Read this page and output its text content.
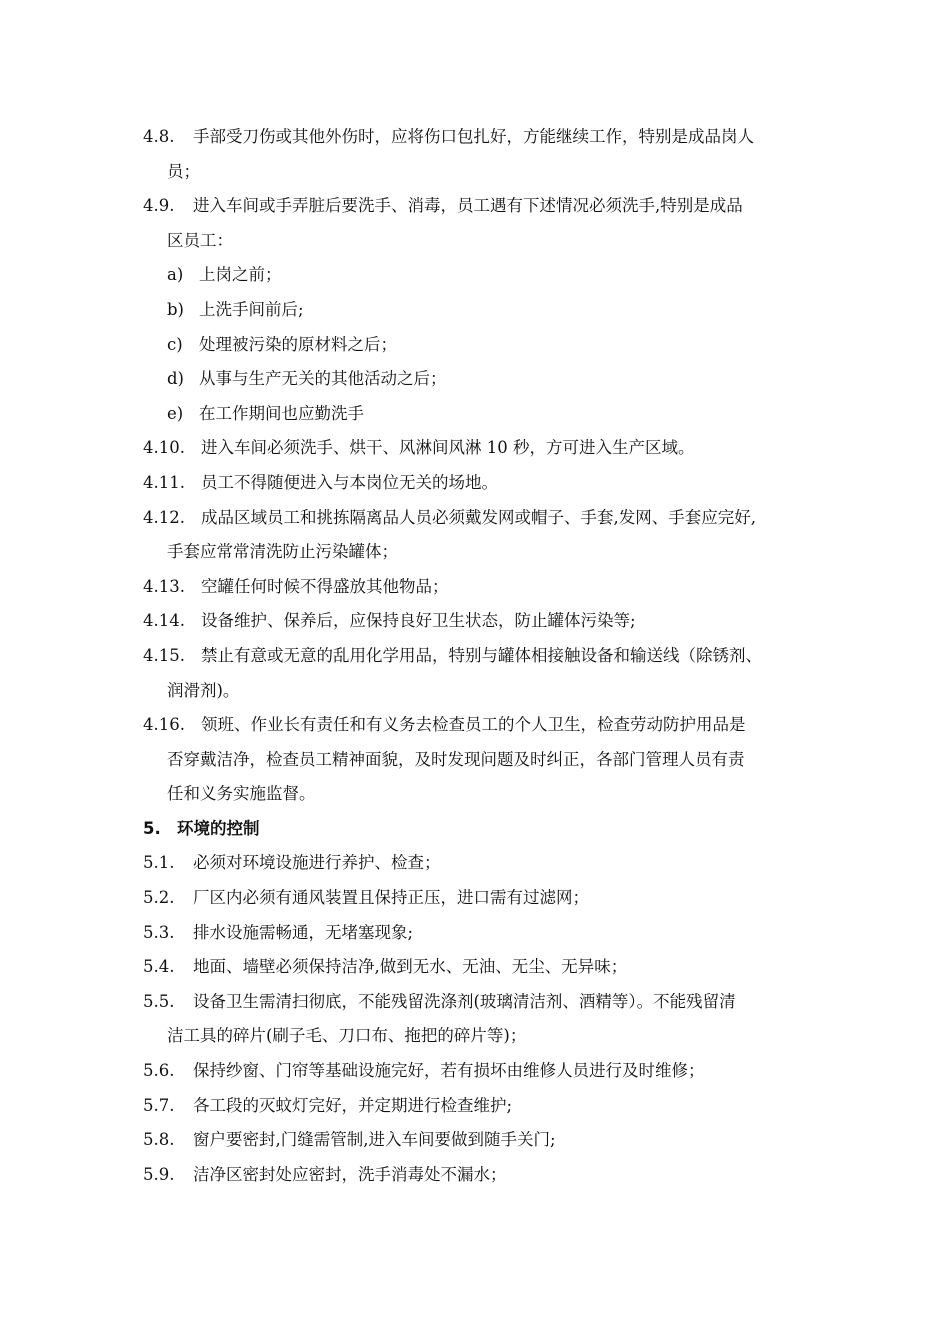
4.8. 手部受刀伤或其他外伤时，应将伤口包扎好，方能继续工作，特别是成品岗人
员；
4.9. 进入车间或手弄脏后要洗手、消毒，员工遇有下述情况必须洗手,特别是成品
区员工：
a) 上岗之前；
b) 上洗手间前后;
c) 处理被污染的原材料之后；
d) 从事与生产无关的其他活动之后；
e) 在工作期间也应勤洗手
4.10. 进入车间必须洗手、烘干、风淋间风淋 10 秒，方可进入生产区域。
4.11. 员工不得随便进入与本岗位无关的场地。
4.12. 成品区域员工和挑拣隔离品人员必须戴发网或帽子、手套,发网、手套应完好,
手套应常常清洗防止污染罐体；
4.13. 空罐任何时候不得盛放其他物品；
4.14. 设备维护、保养后，应保持良好卫生状态，防止罐体污染等;
4.15. 禁止有意或无意的乱用化学用品，特别与罐体相接触设备和输送线（除锈剂、
润滑剂)。
4.16. 领班、作业长有责任和有义务去检查员工的个人卫生，检查劳动防护用品是
否穿戴洁净，检查员工精神面貌，及时发现问题及时纠正，各部门管理人员有责
任和义务实施监督。
5. 环境的控制
5.1. 必须对环境设施进行养护、检查；
5.2. 厂区内必须有通风装置且保持正压，进口需有过滤网；
5.3. 排水设施需畅通，无堵塞现象;
5.4. 地面、墙壁必须保持洁净,做到无水、无油、无尘、无异味；
5.5. 设备卫生需清扫彻底，不能残留洗涤剂(玻璃清洁剂、酒精等）。不能残留清
洁工具的碎片(刷子毛、刀口布、拖把的碎片等)；
5.6. 保持纱窗、门帘等基础设施完好，若有损坏由维修人员进行及时维修；
5.7. 各工段的灭蚊灯完好，并定期进行检查维护;
5.8. 窗户要密封,门缝需管制,进入车间要做到随手关门;
5.9. 洁净区密封处应密封，洗手消毒处不漏水；
